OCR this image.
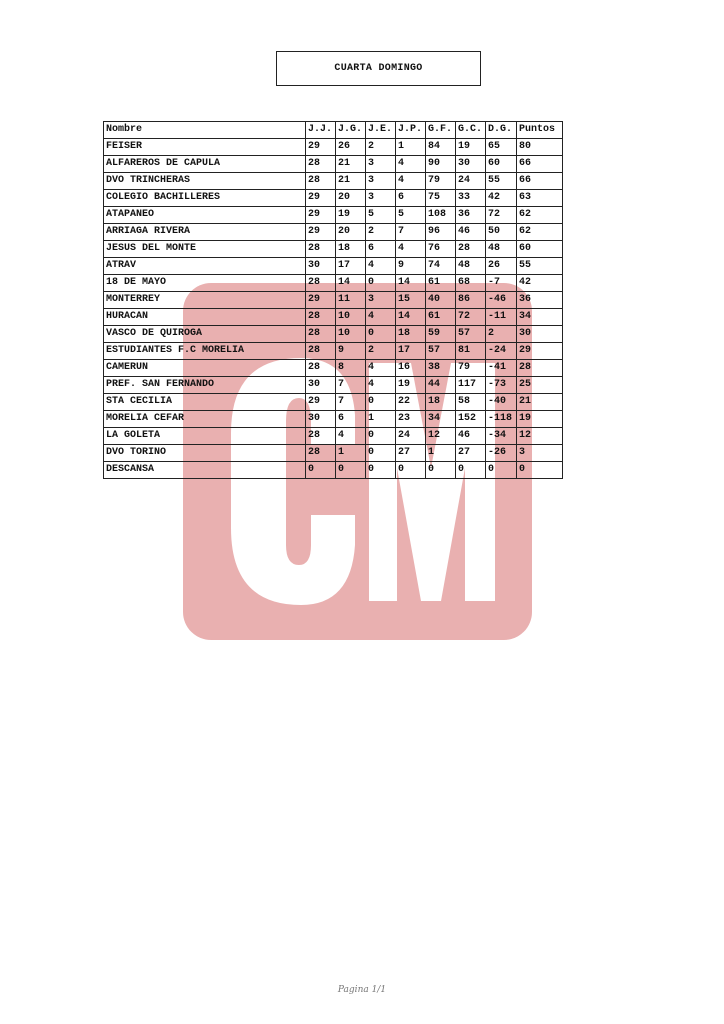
CUARTA DOMINGO
Nombre	J.J.	J.G.	J.E.	J.P.	G.F.	G.C.	D.G.	Puntos
FEISER	29	26	2	1	84	19	65	80
ALFAREROS DE CAPULA	28	21	3	4	90	30	60	66
DVO TRINCHERAS	28	21	3	4	79	24	55	66
COLEGIO BACHILLERES	29	20	3	6	75	33	42	63
ATAPANEO	29	19	5	5	108	36	72	62
ARRIAGA RIVERA	29	20	2	7	96	46	50	62
JESUS DEL MONTE	28	18	6	4	76	28	48	60
ATRAV	30	17	4	9	74	48	26	55
18 DE MAYO	28	14	0	14	61	68	-7	42
MONTERREY	29	11	3	15	40	86	-46	36
HURACAN	28	10	4	14	61	72	-11	34
VASCO DE QUIROGA	28	10	0	18	59	57	2	30
ESTUDIANTES F.C MORELIA	28	9	2	17	57	81	-24	29
CAMERUN	28	8	4	16	38	79	-41	28
PREF. SAN FERNANDO	30	7	4	19	44	117	-73	25
STA CECILIA	29	7	0	22	18	58	-40	21
MORELIA CEFAR	30	6	1	23	34	152	-118	19
LA GOLETA	28	4	0	24	12	46	-34	12
DVO TORINO	28	1	0	27	1	27	-26	3
DESCANSA	0	0	0	0	0	0	0	0
Pagina 1/1
